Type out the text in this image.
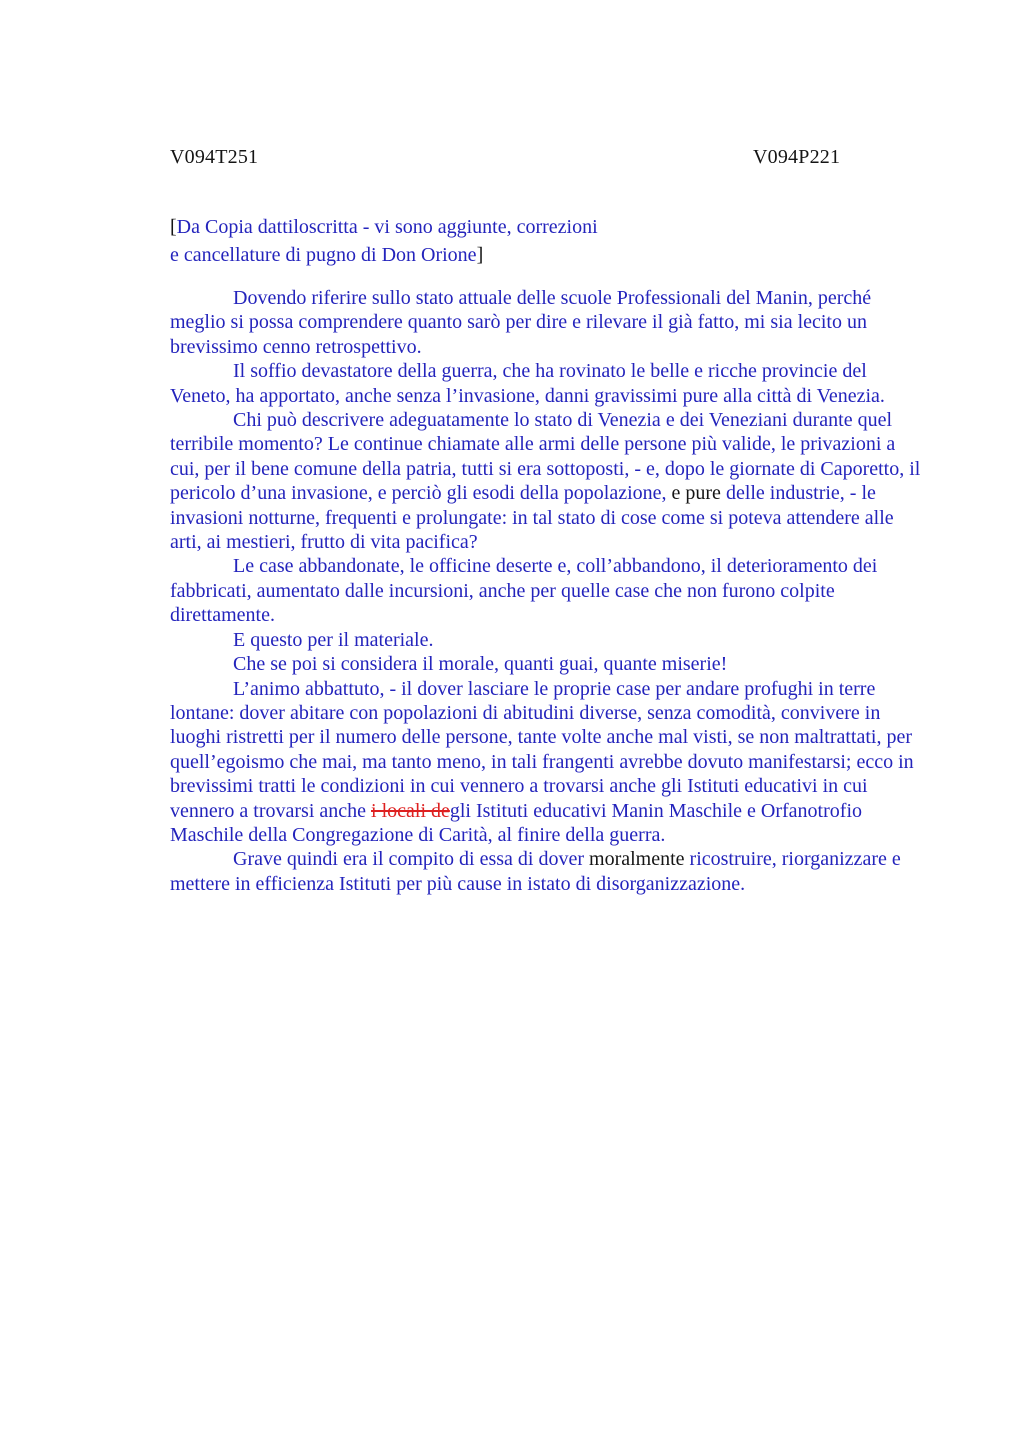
V094T251	V094P221

[Da Copia dattiloscritta - vi sono aggiunte, correzioni

e cancellature di pugno di Don Orione]

Dovendo riferire sullo stato attuale delle scuole Professionali del Manin, perché meglio si possa comprendere quanto sarò per dire e rilevare il già fatto, mi sia lecito un brevissimo cenno retrospettivo.

Il soffio devastatore della guerra, che ha rovinato le belle e ricche provincie del Veneto, ha apportato, anche senza l’invasione, danni gravissimi pure alla città di Venezia.

Chi può descrivere adeguatamente lo stato di Venezia e dei Veneziani durante quel terribile momento? Le continue chiamate alle armi delle persone più valide, le privazioni a cui, per il bene comune della patria, tutti si era sottoposti, - e, dopo le giornate di Caporetto, il pericolo d’una invasione, e perciò gli esodi della popolazione, e pure delle industrie, - le invasioni notturne, frequenti e prolungate: in tal stato di cose come si poteva attendere alle arti, ai mestieri, frutto di vita pacifica?

Le case abbandonate, le officine deserte e, coll’abbandono, il deterioramento dei fabbricati, aumentato dalle incursioni, anche per quelle case che non furono colpite direttamente.

E questo per il materiale.

Che se poi si considera il morale, quanti guai, quante miserie!

L’animo abbattuto, - il dover lasciare le proprie case per andare profughi in terre lontane: dover abitare con popolazioni di abitudini diverse, senza comodità, convivere in luoghi ristretti per il numero delle persone, tante volte anche mal visti, se non maltrattati, per quell’egoismo che mai, ma tanto meno, in tali frangenti avrebbe dovuto manifestarsi; ecco in brevissimi tratti le condizioni in cui vennero a trovarsi anche gli Istituti educativi in cui vennero a trovarsi anche i locali degli Istituti educativi Manin Maschile e Orfanotrofio Maschile della Congregazione di Carità, al finire della guerra.

Grave quindi era il compito di essa di dover moralmente ricostruire, riorganizzare e mettere in efficienza Istituti per più cause in istato di disorganizzazione.
